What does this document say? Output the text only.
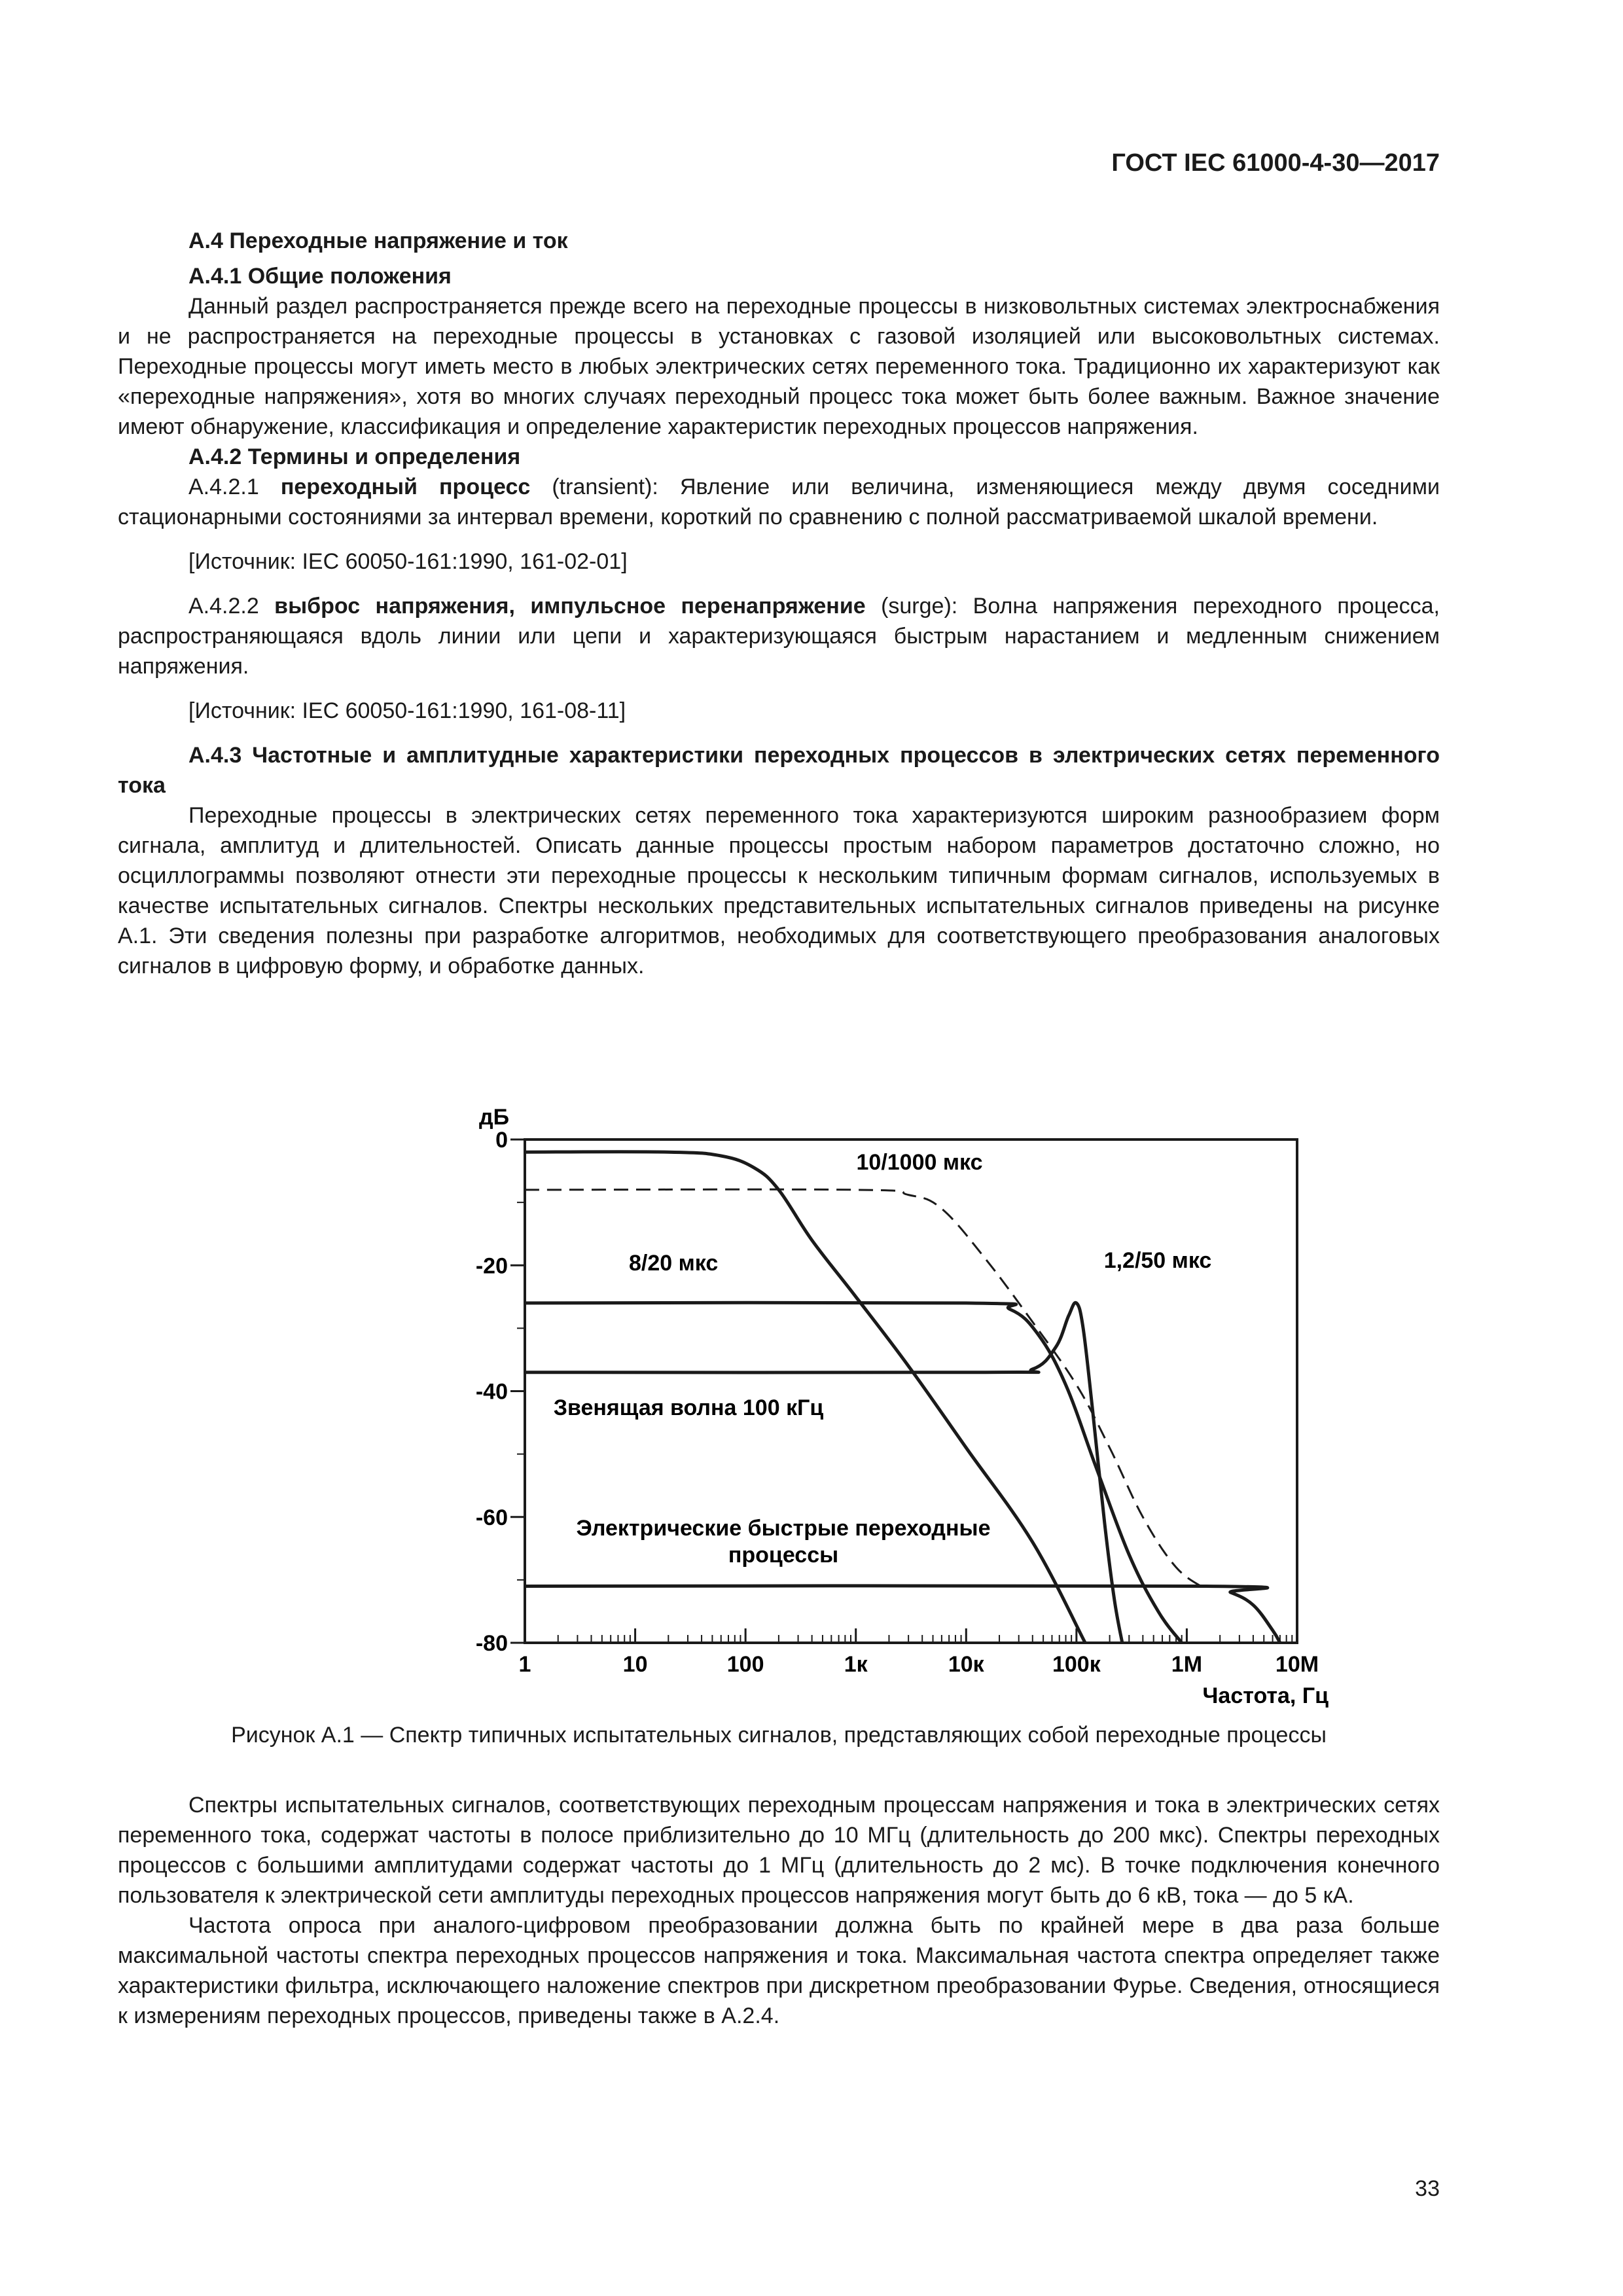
ГОСТ IEC 61000-4-30—2017

А.4 Переходные напряжение и ток

А.4.1 Общие положения

Данный раздел распространяется прежде всего на переходные процессы в низковольтных системах электроснабжения и не распространяется на переходные процессы в установках с газовой изоляцией или высоковольтных системах. Переходные процессы могут иметь место в любых электрических сетях переменного тока. Традиционно их характеризуют как «переходные напряжения», хотя во многих случаях переходный процесс тока может быть более важным. Важное значение имеют обнаружение, классификация и определение характеристик переходных процессов напряжения.

А.4.2 Термины и определения

А.4.2.1 переходный процесс (transient): Явление или величина, изменяющиеся между двумя соседними стационарными состояниями за интервал времени, короткий по сравнению с полной рассматриваемой шкалой времени.

[Источник: IEC 60050-161:1990, 161-02-01]

А.4.2.2 выброс напряжения, импульсное перенапряжение (surge): Волна напряжения переходного процесса, распространяющаяся вдоль линии или цепи и характеризующаяся быстрым нарастанием и медленным снижением напряжения.

[Источник: IEC 60050-161:1990, 161-08-11]

А.4.3 Частотные и амплитудные характеристики переходных процессов в электрических сетях переменного тока

Переходные процессы в электрических сетях переменного тока характеризуются широким разнообразием форм сигнала, амплитуд и длительностей. Описать данные процессы простым набором параметров достаточно сложно, но осциллограммы позволяют отнести эти переходные процессы к нескольким типичным формам сигналов, используемых в качестве испытательных сигналов. Спектры нескольких представительных испытательных сигналов приведены на рисунке А.1. Эти сведения полезны при разработке алгоритмов, необходимых для соответствующего преобразования аналоговых сигналов в цифровую форму, и обработке данных.

0
-20
-40
-60
-80
1	10	100	1к	10к	100к	1М	10М
дБ
Частота, Гц
10/1000 мкс
8/20 мкс	1,2/50 мкс
Звенящая волна 100 кГц
Электрические быстрые переходные
процессы
Рисунок А.1 — Спектр типичных испытательных сигналов, представляющих собой переходные процессы

Спектры испытательных сигналов, соответствующих переходным процессам напряжения и тока в электрических сетях переменного тока, содержат частоты в полосе приблизительно до 10 МГц (длительность до 200 мкс). Спектры переходных процессов с большими амплитудами содержат частоты до 1 МГц (длительность до 2 мс). В точке подключения конечного пользователя к электрической сети амплитуды переходных процессов напряжения могут быть до 6 кВ, тока — до 5 кА.

Частота опроса при аналого-цифровом преобразовании должна быть по крайней мере в два раза больше максимальной частоты спектра переходных процессов напряжения и тока. Максимальная частота спектра определяет также характеристики фильтра, исключающего наложение спектров при дискретном преобразовании Фурье. Сведения, относящиеся к измерениям переходных процессов, приведены также в А.2.4.

33
